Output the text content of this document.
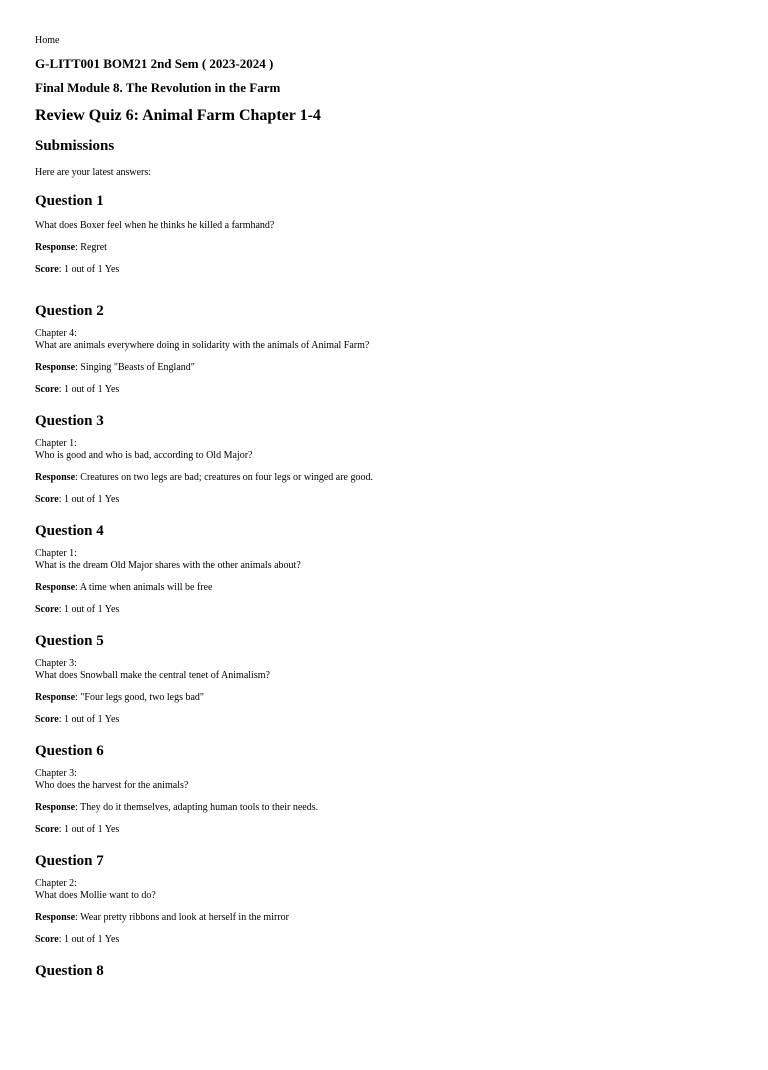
Home

G-LITT001 BOM21 2nd Sem ( 2023-2024 )
Final Module 8. The Revolution in the Farm
Review Quiz 6: Animal Farm Chapter 1-4
Submissions

Here are your latest answers:

Question 1

What does Boxer feel when he thinks he killed a farmhand?

Response: Regret

Score: 1 out of 1 Yes

Question 2

Chapter 4:
What are animals everywhere doing in solidarity with the animals of Animal Farm?

Response: Singing "Beasts of England"

Score: 1 out of 1 Yes

Question 3

Chapter 1:
Who is good and who is bad, according to Old Major?

Response: Creatures on two legs are bad; creatures on four legs or winged are good.

Score: 1 out of 1 Yes

Question 4

Chapter 1:
What is the dream Old Major shares with the other animals about?

Response: A time when animals will be free

Score: 1 out of 1 Yes

Question 5

Chapter 3:
What does Snowball make the central tenet of Animalism?

Response: "Four legs good, two legs bad"

Score: 1 out of 1 Yes

Question 6

Chapter 3:
Who does the harvest for the animals?

Response: They do it themselves, adapting human tools to their needs.

Score: 1 out of 1 Yes

Question 7

Chapter 2:
What does Mollie want to do?

Response: Wear pretty ribbons and look at herself in the mirror

Score: 1 out of 1 Yes

Question 8
